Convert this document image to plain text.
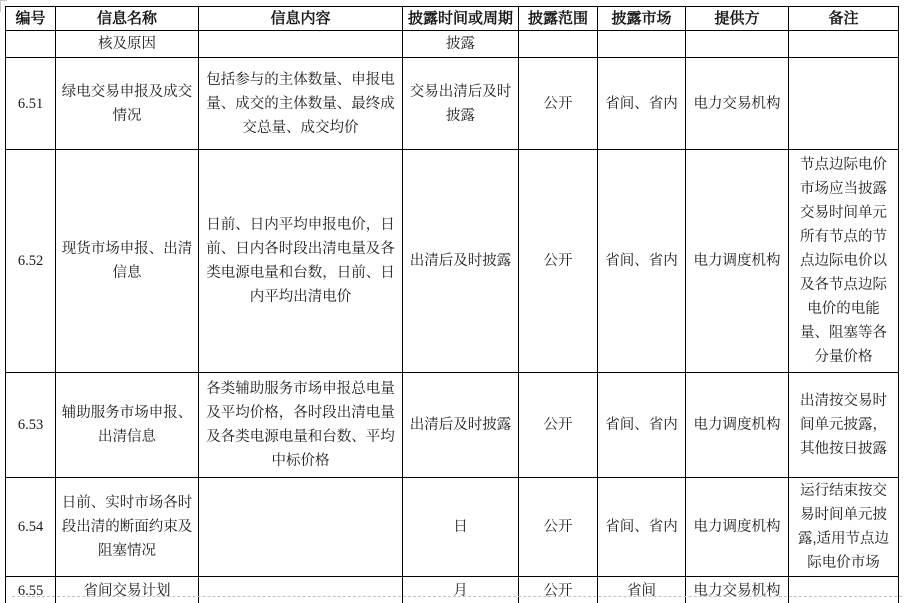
编号	信息名称	信息内容	披露时间或周期	披露范围	披露市场	提供方	备注
	核及原因		披露				
6.51	绿电交易申报及成交情况	包括参与的主体数量、申报电量、成交的主体数量、最终成交总量、成交均价	交易出清后及时披露	公开	省间、省内	电力交易机构	
6.52	现货市场申报、出清信息	日前、日内平均申报电价，日前、日内各时段出清电量及各类电源电量和台数，日前、日内平均出清电价	出清后及时披露	公开	省间、省内	电力调度机构	节点边际电价市场应当披露交易时间单元所有节点的节点边际电价以及各节点边际电价的电能量、阻塞等各分量价格
6.53	辅助服务市场申报、出清信息	各类辅助服务市场申报总电量及平均价格，各时段出清电量及各类电源电量和台数、平均中标价格	出清后及时披露	公开	省间、省内	电力调度机构	出清按交易时间单元披露，其他按日披露
6.54	日前、实时市场各时段出清的断面约束及阻塞情况		日	公开	省间、省内	电力调度机构	运行结束按交易时间单元披露,适用节点边际电价市场
6.55	省间交易计划		月	公开	省间	电力交易机构	
